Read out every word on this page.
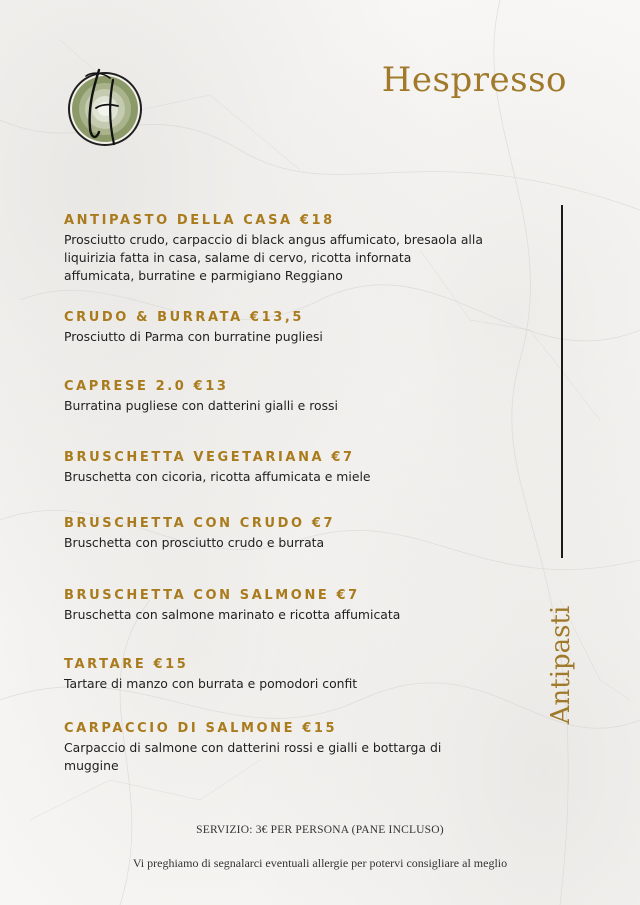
Hespresso
ANTIPASTO DELLA CASA €18
Prosciutto crudo, carpaccio di black angus affumicato, bresaola alla liquirizia fatta in casa, salame di cervo, ricotta infornata affumicata, burratine e parmigiano Reggiano
CRUDO & BURRATA €13,5
Prosciutto di Parma con burratine pugliesi
CAPRESE 2.0 €13
Burratina pugliese con datterini gialli e rossi
BRUSCHETTA VEGETARIANA €7
Bruschetta con cicoria, ricotta affumicata e miele
BRUSCHETTA CON CRUDO €7
Bruschetta con prosciutto crudo e burrata
BRUSCHETTA CON SALMONE €7
Bruschetta con salmone marinato e ricotta affumicata
TARTARE €15
Tartare di manzo con burrata e pomodori confit
CARPACCIO DI SALMONE €15
Carpaccio di salmone con datterini rossi e gialli e bottarga di muggine
Antipasti
SERVIZIO: 3€ PER PERSONA (PANE INCLUSO)
Vi preghiamo di segnalarci eventuali allergie per potervi consigliare al meglio
